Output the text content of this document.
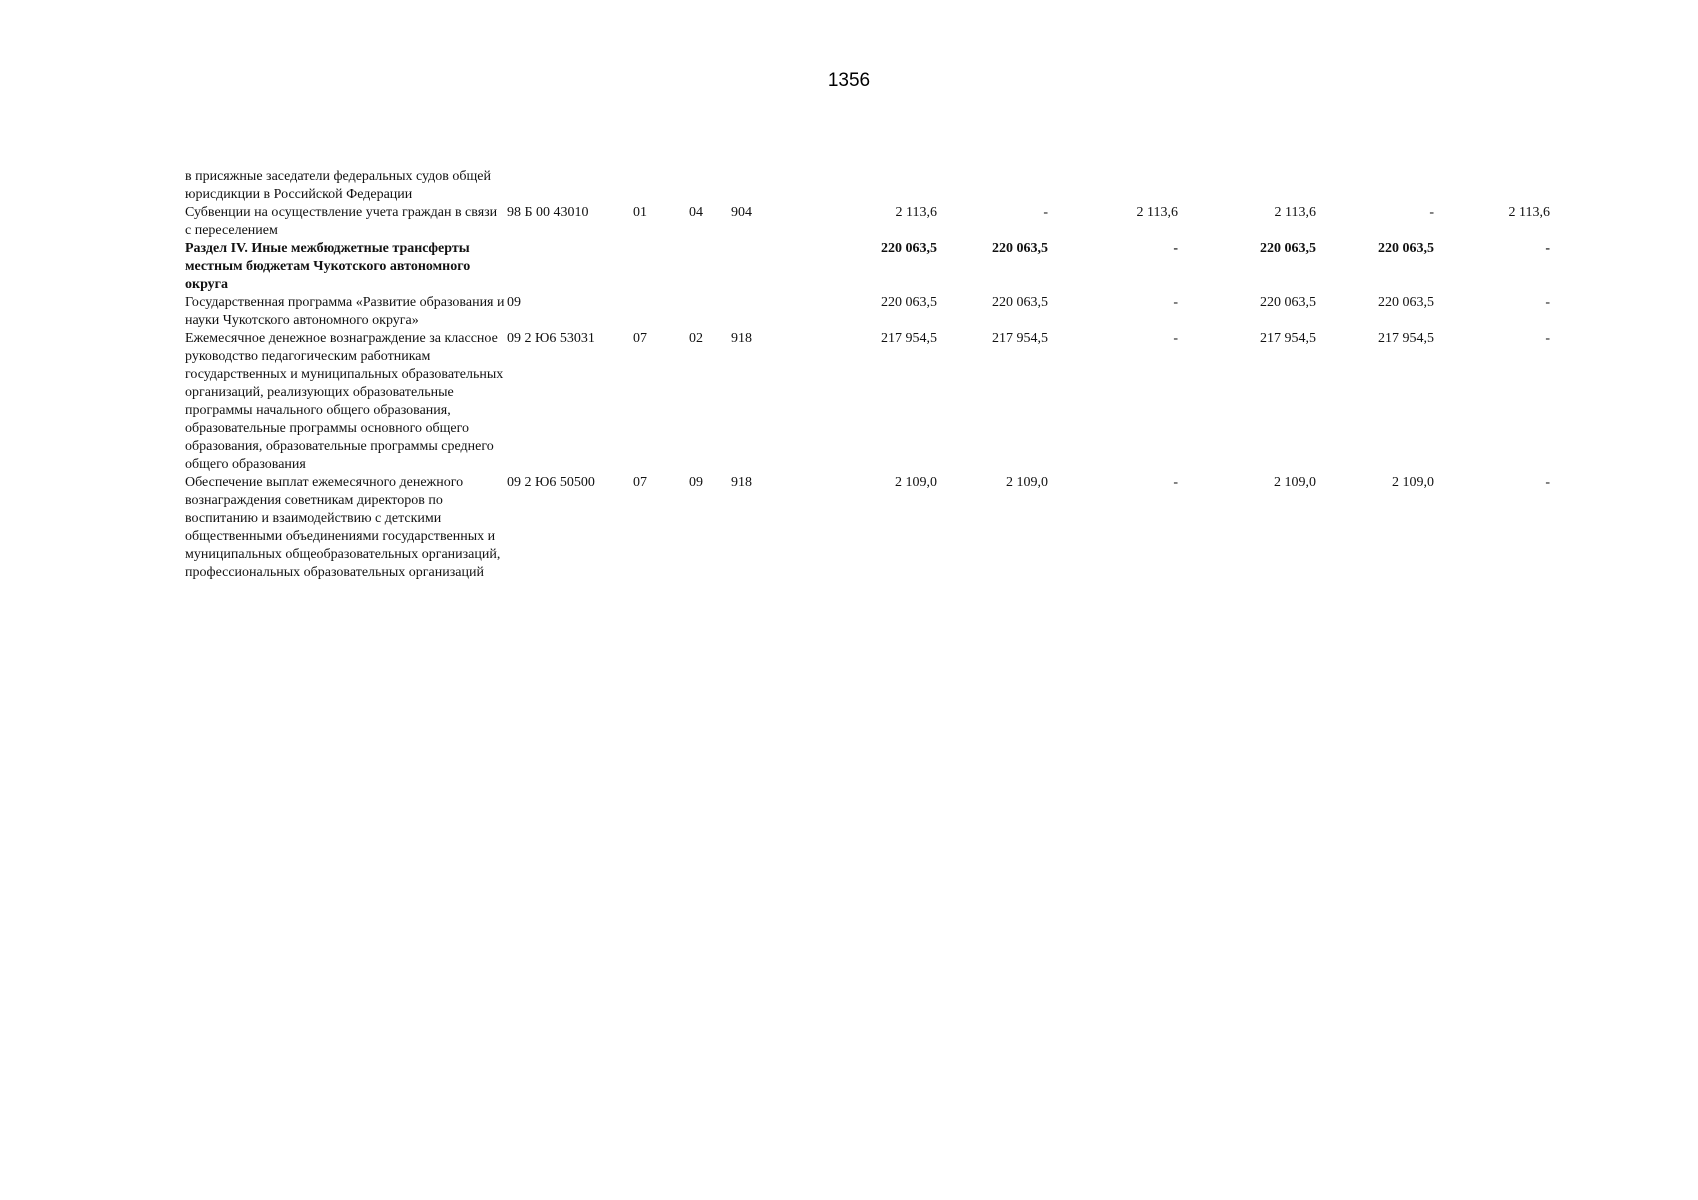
1356
в присяжные заседатели федеральных судов общей юрисдикции в Российской Федерации										
Субвенции на осуществление учета граждан в связи с переселением	98 Б 00 43010	01	04	904	2 113,6	-	2 113,6	2 113,6	-	2 113,6
Раздел IV. Иные межбюджетные трансферты местным бюджетам Чукотского автономного округа					220 063,5	220 063,5	-	220 063,5	220 063,5	-
Государственная программа «Развитие образования и науки Чукотского автономного округа»	09				220 063,5	220 063,5	-	220 063,5	220 063,5	-
Ежемесячное денежное вознаграждение за классное руководство педагогическим работникам государственных и муниципальных образовательных организаций, реализующих образовательные программы начального общего образования, образовательные программы основного общего образования, образовательные программы среднего общего образования	09 2 Ю6 53031	07	02	918	217 954,5	217 954,5	-	217 954,5	217 954,5	-
Обеспечение выплат ежемесячного денежного вознаграждения советникам директоров по воспитанию и взаимодействию с детскими общественными объединениями государственных и муниципальных общеобразовательных организаций, профессиональных образовательных организаций	09 2 Ю6 50500	07	09	918	2 109,0	2 109,0	-	2 109,0	2 109,0	-
